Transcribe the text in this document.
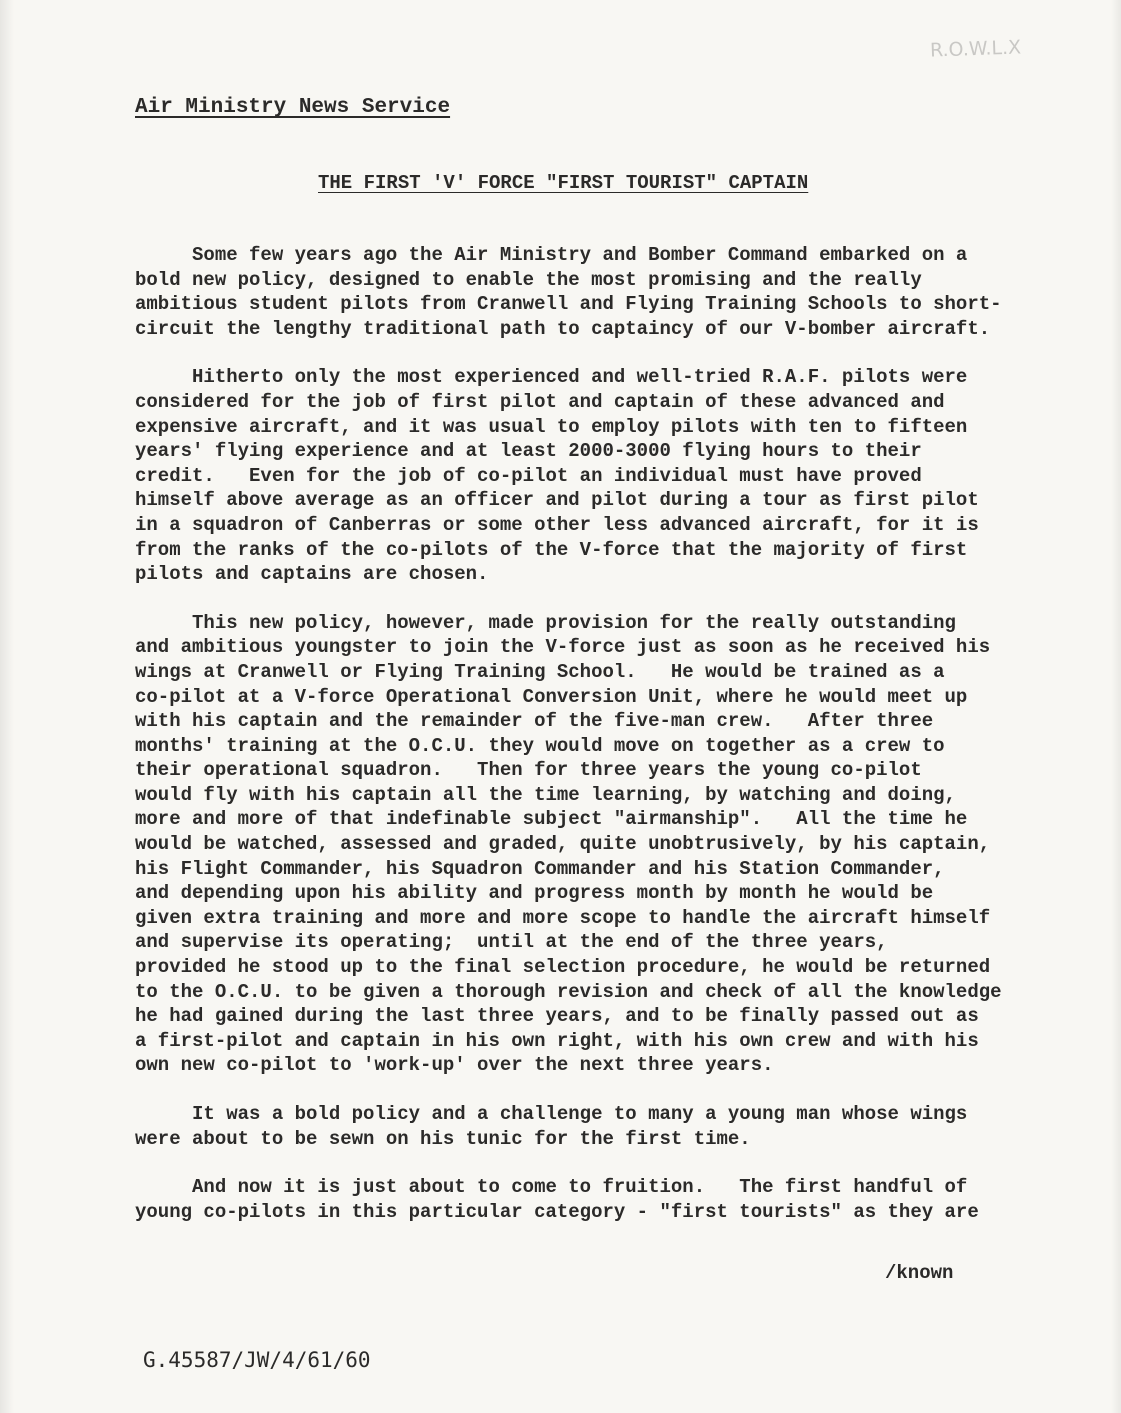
R.O.W.L.X
Air Ministry News Service
THE FIRST 'V' FORCE "FIRST TOURIST" CAPTAIN
Some few years ago the Air Ministry and Bomber Command embarked on a
bold new policy, designed to enable the most promising and the really
ambitious student pilots from Cranwell and Flying Training Schools to short-
circuit the lengthy traditional path to captaincy of our V-bomber aircraft.
Hitherto only the most experienced and well-tried R.A.F. pilots were
considered for the job of first pilot and captain of these advanced and
expensive aircraft, and it was usual to employ pilots with ten to fifteen
years' flying experience and at least 2000-3000 flying hours to their
credit.   Even for the job of co-pilot an individual must have proved
himself above average as an officer and pilot during a tour as first pilot
in a squadron of Canberras or some other less advanced aircraft, for it is
from the ranks of the co-pilots of the V-force that the majority of first
pilots and captains are chosen.
This new policy, however, made provision for the really outstanding
and ambitious youngster to join the V-force just as soon as he received his
wings at Cranwell or Flying Training School.   He would be trained as a
co-pilot at a V-force Operational Conversion Unit, where he would meet up
with his captain and the remainder of the five-man crew.   After three
months' training at the O.C.U. they would move on together as a crew to
their operational squadron.   Then for three years the young co-pilot
would fly with his captain all the time learning, by watching and doing,
more and more of that indefinable subject "airmanship".   All the time he
would be watched, assessed and graded, quite unobtrusively, by his captain,
his Flight Commander, his Squadron Commander and his Station Commander,
and depending upon his ability and progress month by month he would be
given extra training and more and more scope to handle the aircraft himself
and supervise its operating;  until at the end of the three years,
provided he stood up to the final selection procedure, he would be returned
to the O.C.U. to be given a thorough revision and check of all the knowledge
he had gained during the last three years, and to be finally passed out as
a first-pilot and captain in his own right, with his own crew and with his
own new co-pilot to 'work-up' over the next three years.
It was a bold policy and a challenge to many a young man whose wings
were about to be sewn on his tunic for the first time.
And now it is just about to come to fruition.   The first handful of
young co-pilots in this particular category - "first tourists" as they are
/known
G.45587/JW/4/61/60
